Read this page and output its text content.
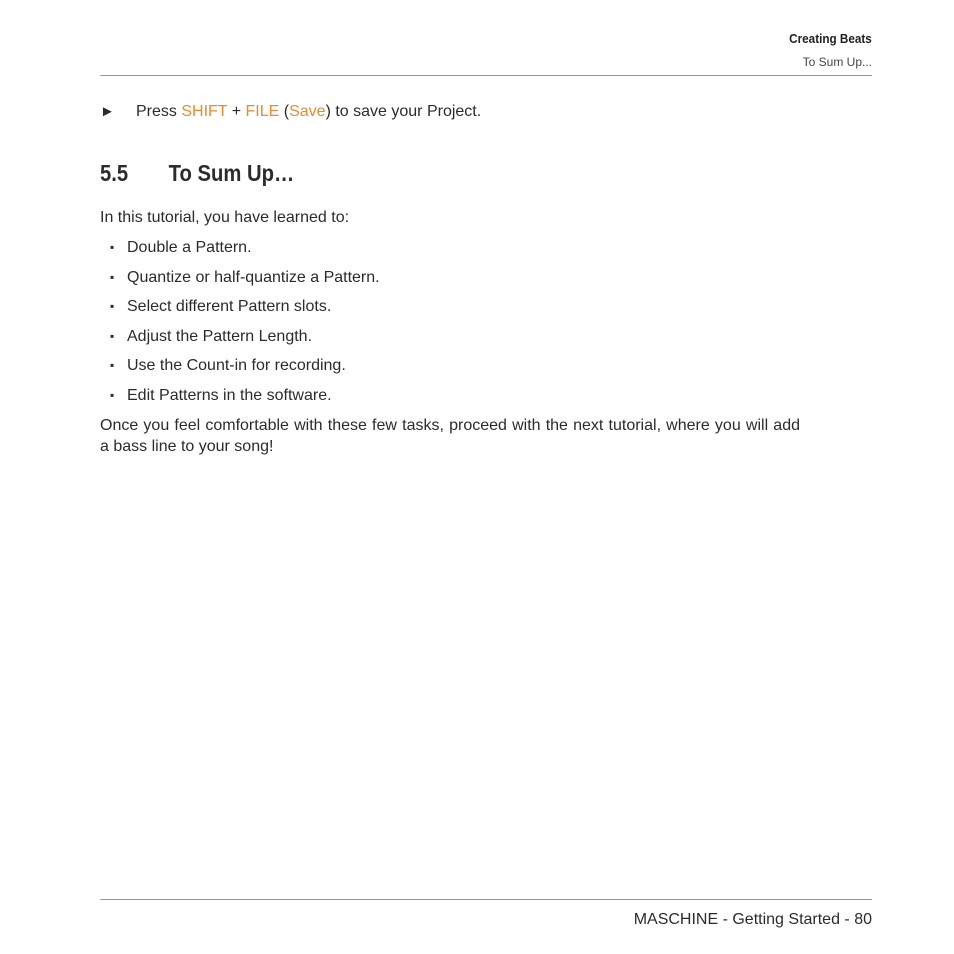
Creating Beats
To Sum Up...
► Press SHIFT + FILE (Save) to save your Project.
5.5 To Sum Up…
In this tutorial, you have learned to:
▪ Double a Pattern.
▪ Quantize or half-quantize a Pattern.
▪ Select different Pattern slots.
▪ Adjust the Pattern Length.
▪ Use the Count-in for recording.
▪ Edit Patterns in the software.
Once you feel comfortable with these few tasks, proceed with the next tutorial, where you will add a bass line to your song!
MASCHINE - Getting Started - 80
